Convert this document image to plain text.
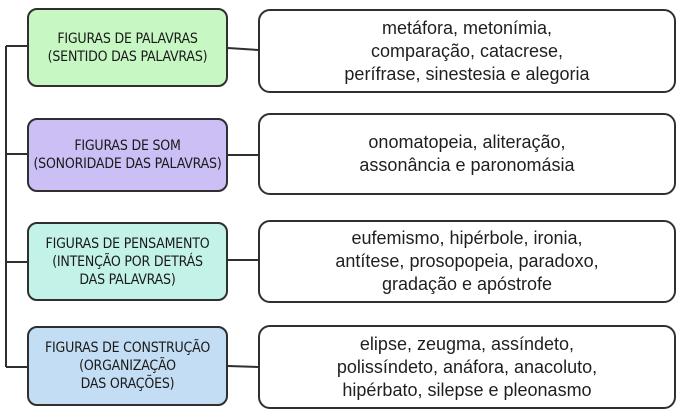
FIGURAS DE PALAVRAS
(SENTIDO DAS PALAVRAS)
metáfora, metonímia,
comparação, catacrese,
perífrase, sinestesia e alegoria
FIGURAS DE SOM
(SONORIDADE DAS PALAVRAS)
onomatopeia, aliteração,
assonância e paronomásia
FIGURAS DE PENSAMENTO
(INTENÇÃO POR DETRÁS
DAS PALAVRAS)
eufemismo, hipérbole, ironia,
antítese, prosopopeia, paradoxo,
gradação e apóstrofe
FIGURAS DE CONSTRUÇÃO
(ORGANIZAÇÃO
DAS ORAÇÕES)
elipse, zeugma, assíndeto,
polissíndeto, anáfora, anacoluto,
hipérbato, silepse e pleonasmo
